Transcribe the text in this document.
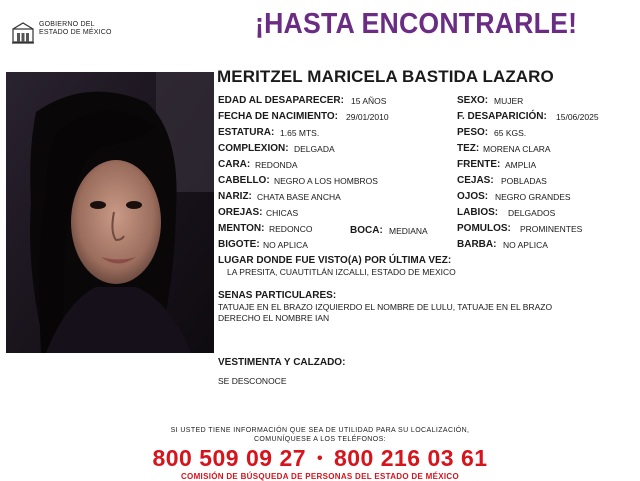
GOBIERNO DEL
ESTADO DE MÉXICO	¡HASTA ENCONTRARLE!
MERITZEL MARICELA BASTIDA LAZARO
EDAD AL DESAPARECER: 15 AÑOS
FECHA DE NACIMIENTO: 29/01/2010
ESTATURA: 1.65 MTS.
COMPLEXION: DELGADA
CARA: REDONDA
CABELLO: NEGRO A LOS HOMBROS
NARIZ: CHATA BASE ANCHA
OREJAS: CHICAS
MENTON: REDONCO	BOCA: MEDIANA
BIGOTE: NO APLICA
SEXO: MUJER
F. DESAPARICIÓN: 15/06/2025
PESO: 65 KGS.
TEZ: MORENA CLARA
FRENTE: AMPLIA
CEJAS: POBLADAS
OJOS: NEGRO GRANDES
LABIOS: DELGADOS
POMULOS: PROMINENTES
BARBA: NO APLICA
LUGAR DONDE FUE VISTO(A) POR ÚLTIMA VEZ:
LA PRESITA, CUAUTITLÁN IZCALLI, ESTADO DE MEXICO
SENAS PARTICULARES:
TATUAJE EN EL BRAZO IZQUIERDO EL NOMBRE DE LULU, TATUAJE EN EL BRAZO DERECHO EL NOMBRE IAN
VESTIMENTA Y CALZADO:
SE DESCONOCE
SI USTED TIENE INFORMACIÓN QUE SEA DE UTILIDAD PARA SU LOCALIZACIÓN,
COMUNÍQUESE A LOS TELÉFONOS:
800 509 09 27 • 800 216 03 61
COMISIÓN DE BÚSQUEDA DE PERSONAS DEL ESTADO DE MÉXICO
